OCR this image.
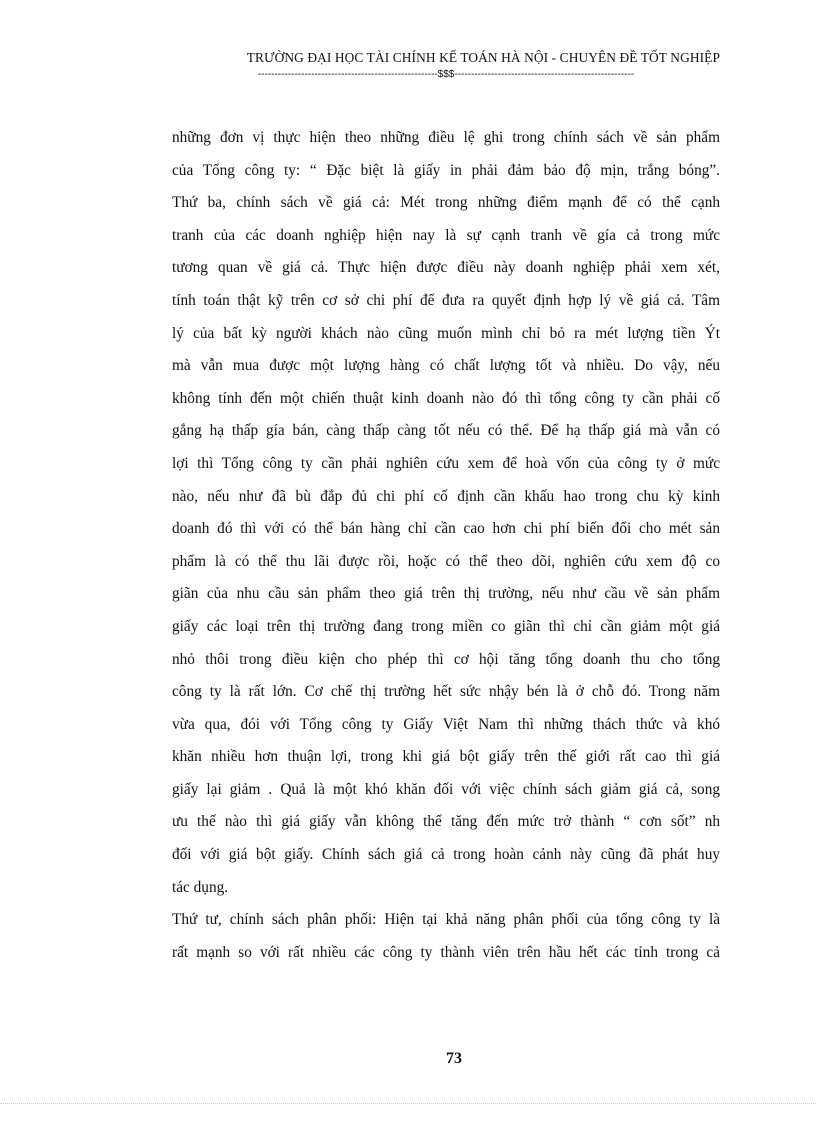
TRƯỜNG ĐẠI HỌC TÀI CHÍNH KẾ TOÁN HÀ NỘI - CHUYÊN ĐỀ TỐT NGHIỆP
------------------------------------------------------$$$------------------------------------------------------
những đơn vị thực hiện theo những điều lệ ghi trong chính sách về sản phẩm
của Tổng công ty: “ Đặc biệt là giấy in phải đảm bảo độ mịn, trắng bóng”.
Thứ ba, chính sách về giá cả: Mét trong những điểm mạnh để có thể cạnh
tranh của các doanh nghiệp hiện nay là sự cạnh tranh về gía cả trong mức
tương quan về giá cả. Thực hiện được điều này doanh nghiệp phải xem xét,
tính toán thật kỹ trên cơ sở chi phí để đưa ra quyết định hợp lý về giá cả. Tâm
lý của bất kỳ người khách nào cũng muốn mình chỉ bỏ ra mét lượng tiền Ýt
mà vẫn mua được một lượng hàng có chất lượng tốt và nhiều. Do vậy, nếu
không tính đến một chiến thuật kinh doanh nào đó thì tổng công ty cần phải cố
gắng hạ thấp gía bán, càng thấp càng tốt nếu có thể. Để hạ thấp giá mà vẫn có
lợi thì Tổng công ty cần phải nghiên cứu xem để hoà vốn của công ty ở mức
nào, nếu như đã bù đắp đủ chi phí cố định cần khấu hao trong chu kỳ kinh
doanh đó thì với có thể bán hàng chỉ cần cao hơn chi phí biến đổi cho mét sản
phẩm là có thể thu lãi được rồi, hoặc có thể theo dõi, nghiên cứu xem độ co
giãn của nhu cầu sản phẩm theo giá trên thị trường, nếu như cầu về sản phẩm
giấy các loại trên thị trường đang trong miền co giãn thì chỉ cần giảm một giá
nhỏ thôi trong điều kiện cho phép thì cơ hội tăng tổng doanh thu cho tổng
công ty là rất lớn. Cơ chế thị trường hết sức nhậy bén là ở chỗ đó. Trong năm
vừa qua, đói với Tổng công ty Giấy Việt Nam thì những thách thức và khó
khăn nhiều hơn thuận lợi, trong khi giá bột giấy trên thế giới rất cao thì giá
giấy lại giảm . Quả là một khó khăn đối với việc chính sách giảm giá cả, song
ưu thế nào thì giá giấy vẫn không thể tăng đến mức trở thành “ cơn sốt” nh
đối với giá bột giấy. Chính sách giá cả trong hoàn cảnh này cũng đã phát huy
tác dụng.
Thứ tư, chính sách phân phối: Hiện tại khả năng phân phối của tổng công ty là
rất mạnh so với rất nhiều các công ty thành viên trên hầu hết các tỉnh trong cả
73
